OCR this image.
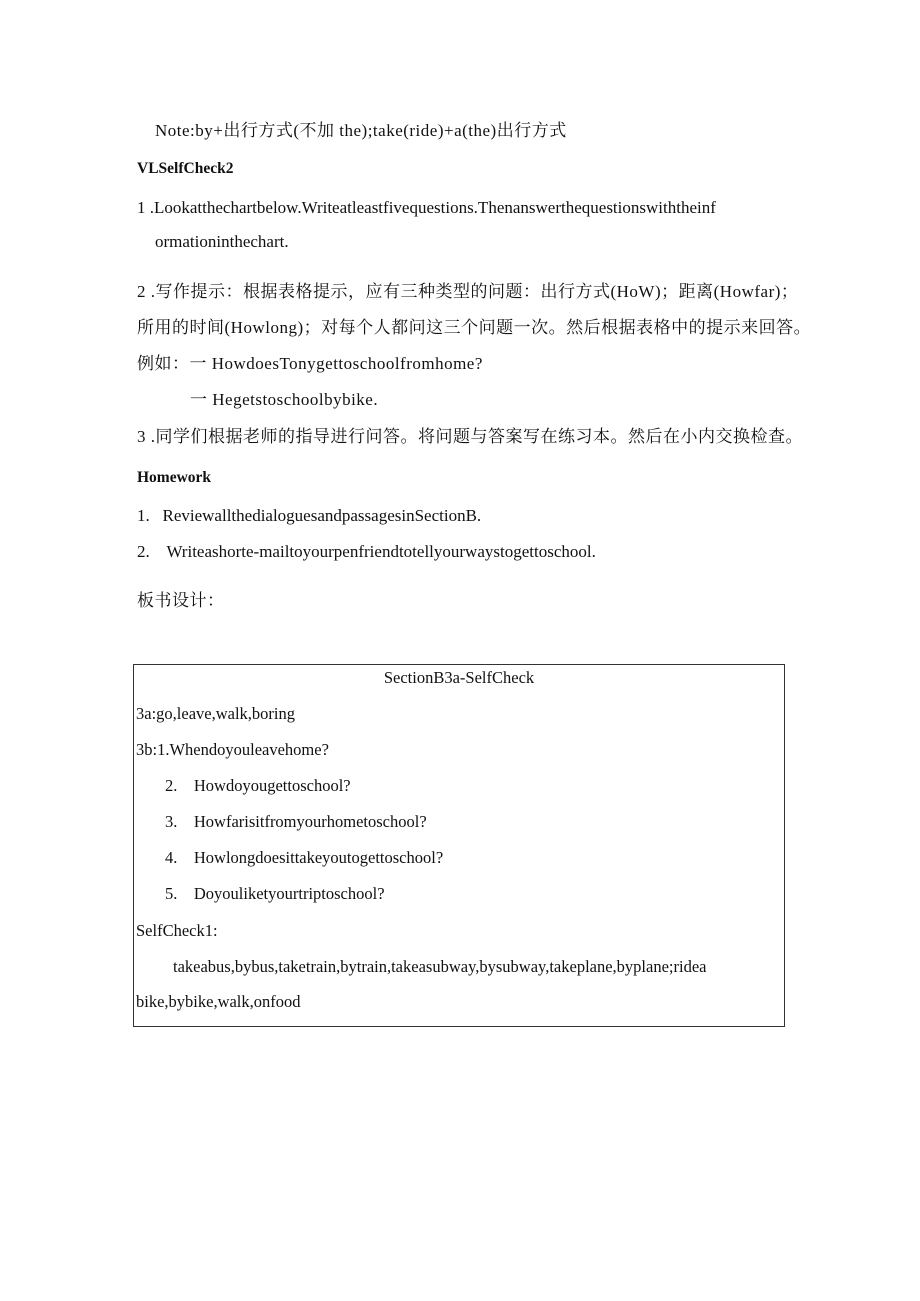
Note:by+出行方式(不加 the);take(ride)+a(the)出行方式
VLSelfCheck2
1 .Lookatthechartbelow.Writeatleastfivequestions.Thenanswerthequestionswiththeinf
ormationinthechart.
2 .写作提示：根据表格提示，应有三种类型的问题：出行方式(HoW)；距离(Howfar)；
所用的时间(Howlong)；对每个人都问这三个问题一次。然后根据表格中的提示来回答。
例如：一 HowdoesTonygettoschoolfromhome?
一 Hegetstoschoolbybike.
3 .同学们根据老师的指导进行问答。将问题与答案写在练习本。然后在小内交换检查。
Homework
1.   ReviewallthedialoguesandpassagesinSectionB.
2.    Writeashorte-mailtoyourpenfriendtotellyourwaystogettoschool.
板书设计：
SectionB3a-SelfCheck
3a:go,leave,walk,boring
3b:1.Whendoyouleavehome?
2.    Howdoyougettoschool?
3.    Howfarisitfromyourhometoschool?
4.    Howlongdoesittakeyoutogettoschool?
5.    Doyouliketyourtriptoschool?
SelfCheck1:
takeabus,bybus,taketrain,bytrain,takeasubway,bysubway,takeplane,byplane;ridea
bike,bybike,walk,onfood
